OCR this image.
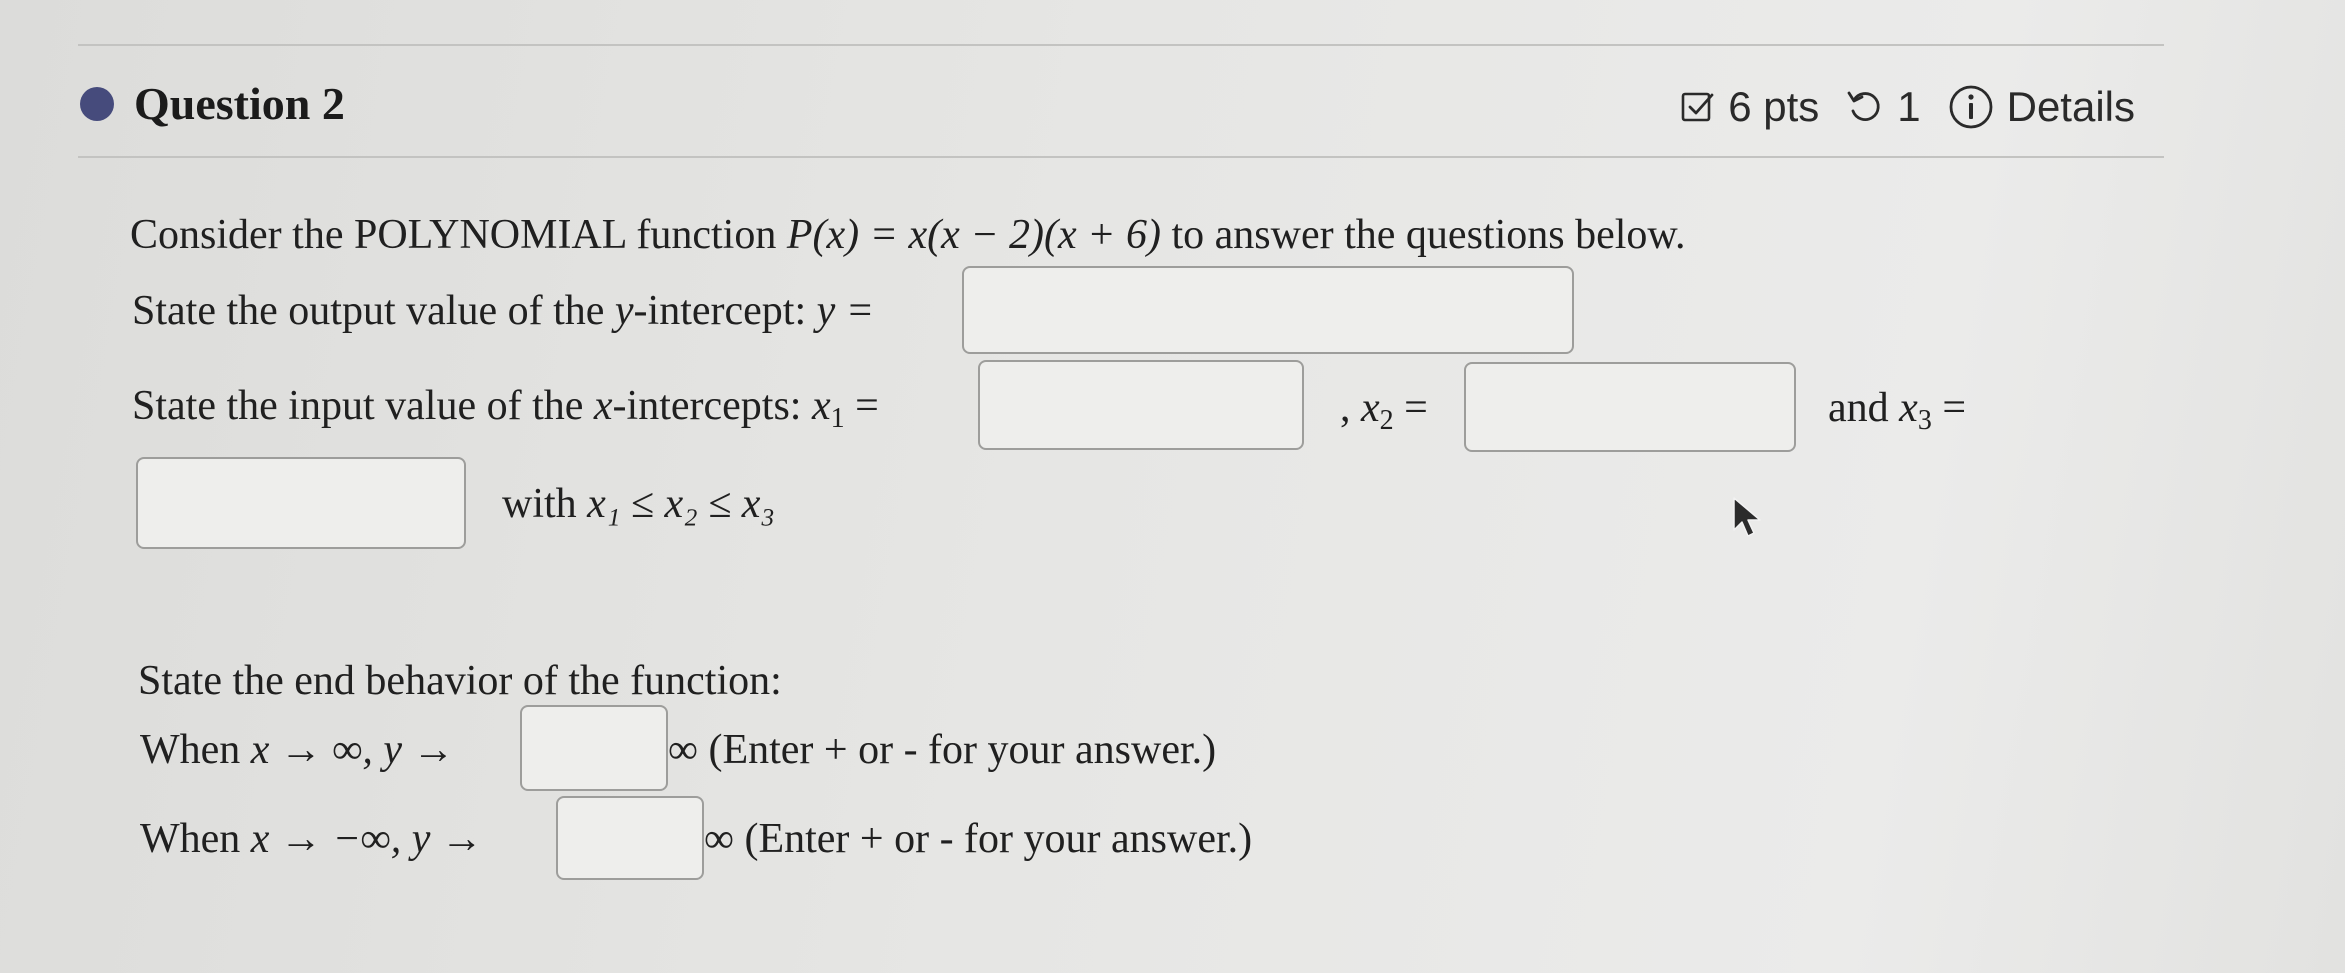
Question 2	6 pts 1 Details
Consider the POLYNOMIAL function P(x) = x(x − 2)(x + 6) to answer the questions below.
State the output value of the y-intercept: y =
State the input value of the x-intercepts: $x_1$ =	, $x_2$ =	and $x_3$ =
with x₁ ≤ x₂ ≤ x₃
State the end behavior of the function:
When x → ∞, y →	∞ (Enter + or - for your answer.)
When x → −∞, y →	∞ (Enter + or - for your answer.)
